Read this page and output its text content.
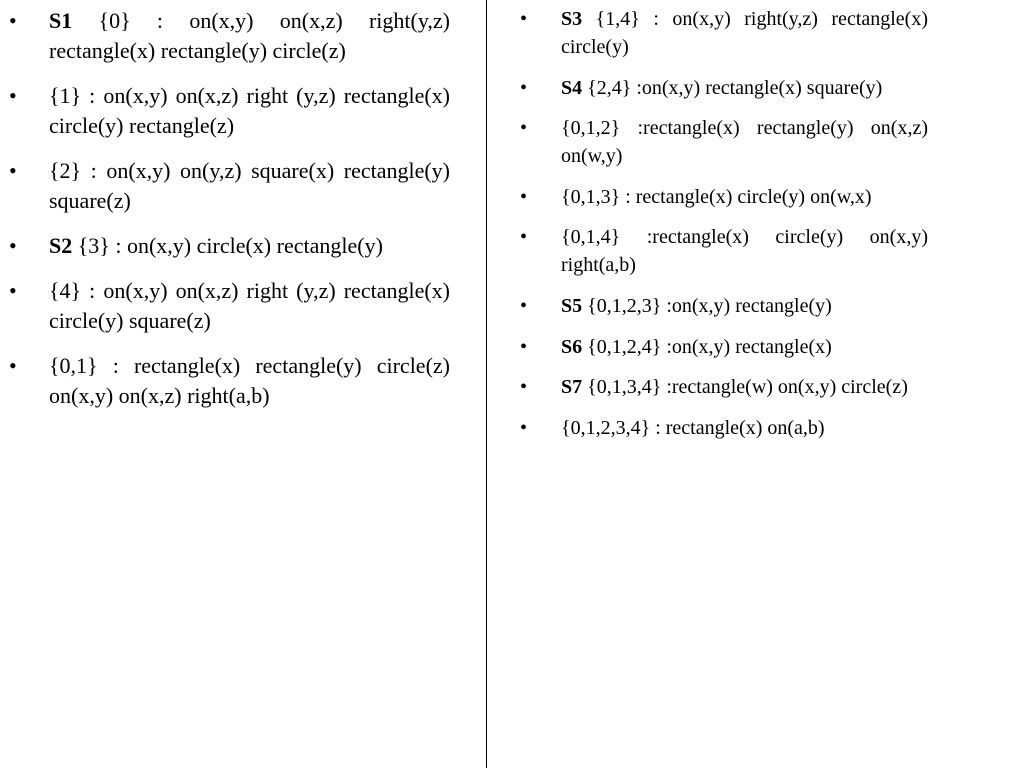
• S1 {0} : on(x,y) on(x,z) right(y,z) rectangle(x) rectangle(y) circle(z)
• {1} : on(x,y) on(x,z) right (y,z) rectangle(x) circle(y) rectangle(z)
• {2} : on(x,y) on(y,z) square(x) rectangle(y) square(z)
• S2 {3} : on(x,y) circle(x) rectangle(y)
• {4} : on(x,y) on(x,z) right (y,z) rectangle(x) circle(y) square(z)
• {0,1} : rectangle(x) rectangle(y) circle(z) on(x,y) on(x,z) right(a,b)
• S3 {1,4} : on(x,y) right(y,z) rectangle(x) circle(y)
• S4 {2,4} :on(x,y) rectangle(x) square(y)
• {0,1,2} :rectangle(x) rectangle(y) on(x,z) on(w,y)
• {0,1,3} : rectangle(x) circle(y) on(w,x)
• {0,1,4} :rectangle(x) circle(y) on(x,y) right(a,b)
• S5 {0,1,2,3} :on(x,y) rectangle(y)
• S6 {0,1,2,4} :on(x,y) rectangle(x)
• S7 {0,1,3,4} :rectangle(w) on(x,y) circle(z)
• {0,1,2,3,4} : rectangle(x) on(a,b)
